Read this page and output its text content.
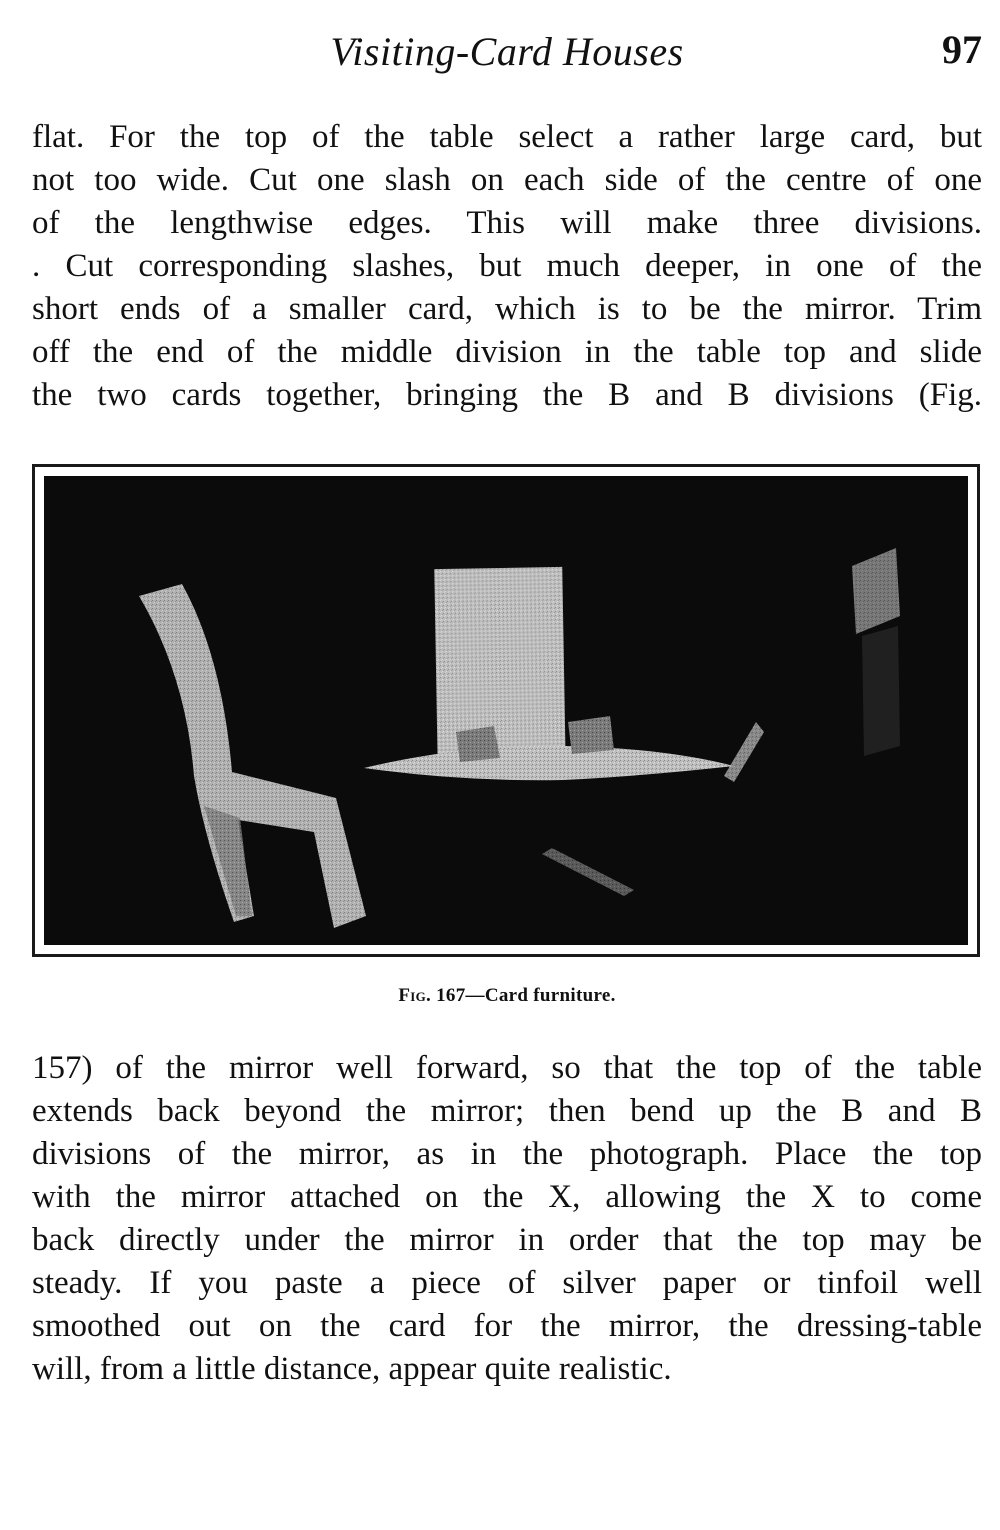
Visiting-Card Houses	97

flat. For the top of the table select a rather large card, but
not too wide. Cut one slash on each side of the centre of one
of the lengthwise edges. This will make three divisions.
. Cut corresponding slashes, but much deeper, in one of the
short ends of a smaller card, which is to be the mirror. Trim
off the end of the middle division in the table top and slide
the two cards together, bringing the B and B divisions (Fig.

Fig. 167—Card furniture.

157) of the mirror well forward, so that the top of the table
extends back beyond the mirror; then bend up the B and B
divisions of the mirror, as in the photograph. Place the top
with the mirror attached on the X, allowing the X to come
back directly under the mirror in order that the top may be
steady. If you paste a piece of silver paper or tinfoil well
smoothed out on the card for the mirror, the dressing-table
will, from a little distance, appear quite realistic.
